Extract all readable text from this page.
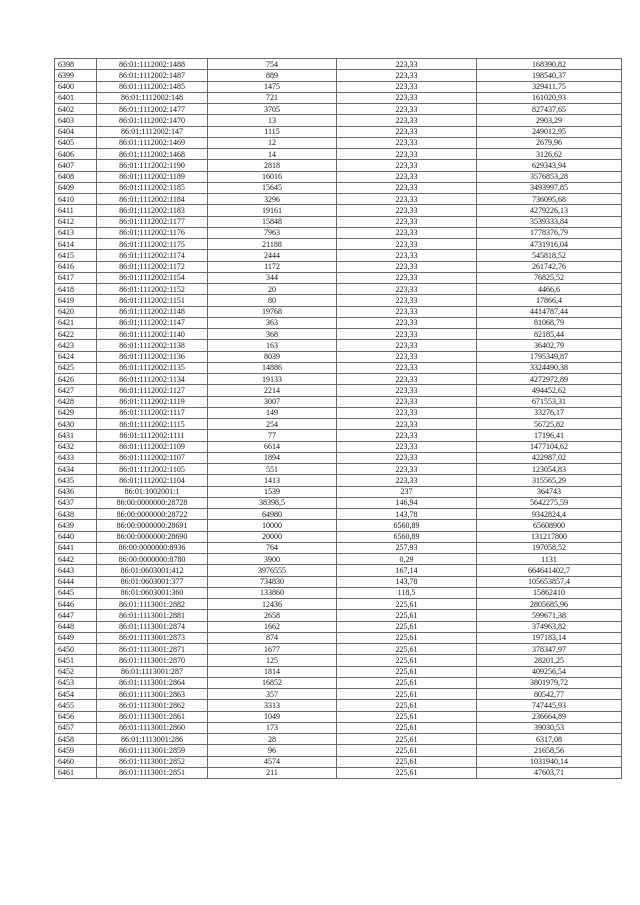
6398	86:01:1112002:1488	754	223,33	168390,82
6399	86:01:1112002:1487	889	223,33	198540,37
6400	86:01:1112002:1485	1475	223,33	329411,75
6401	86:01:1112002:148	721	223,33	161020,93
6402	86:01:1112002:1477	3705	223,33	827437,65
6403	86:01:1112002:1470	13	223,33	2903,29
6404	86:01:1112002:147	1115	223,33	249012,95
6405	86:01:1112002:1469	12	223,33	2679,96
6406	86:01:1112002:1468	14	223,33	3126,62
6407	86:01:1112002:1190	2818	223,33	629343,94
6408	86:01:1112002:1189	16016	223,33	3576853,28
6409	86:01:1112002:1185	15645	223,33	3493997,85
6410	86:01:1112002:1184	3296	223,33	736095,68
6411	86:01:1112002:1183	19161	223,33	4279226,13
6412	86:01:1112002:1177	15848	223,33	3539333,84
6413	86:01:1112002:1176	7963	223,33	1778376,79
6414	86:01:1112002:1175	21188	223,33	4731916,04
6415	86:01:1112002:1174	2444	223,33	545818,52
6416	86:01:1112002:1172	1172	223,33	261742,76
6417	86:01:1112002:1154	344	223,33	76825,52
6418	86:01:1112002:1152	20	223,33	4466,6
6419	86:01:1112002:1151	80	223,33	17866,4
6420	86:01:1112002:1148	19768	223,33	4414787,44
6421	86:01:1112002:1147	363	223,33	81068,79
6422	86:01:1112002:1140	368	223,33	82185,44
6423	86:01:1112002:1138	163	223,33	36402,79
6424	86:01:1112002:1136	8039	223,33	1795349,87
6425	86:01:1112002:1135	14886	223,33	3324490,38
6426	86:01:1112002:1134	19133	223,33	4272972,89
6427	86:01:1112002:1127	2214	223,33	494452,62
6428	86:01:1112002:1119	3007	223,33	671553,31
6429	86:01:1112002:1117	149	223,33	33276,17
6430	86:01:1112002:1115	254	223,33	56725,82
6431	86:01:1112002:1111	77	223,33	17196,41
6432	86:01:1112002:1109	6614	223,33	1477104,62
6433	86:01:1112002:1107	1894	223,33	422987,02
6434	86:01:1112002:1105	551	223,33	123054,83
6435	86:01:1112002:1104	1413	223,33	315565,29
6436	86:01:1002001:1	1539	237	364743
6437	86:00:0000000:28728	38398,5	146,94	5642275,59
6438	86:00:0000000:28722	64980	143,78	9342824,4
6439	86:00:0000000:28691	10000	6560,89	65608900
6440	86:00:0000000:28690	20000	6560,89	131217800
6441	86:00:0000000:8936	764	257,93	197058,52
6442	86:00:0000000:8780	3900	0,29	1131
6443	86:01:0603001:412	3976555	167,14	664641402,7
6444	86:01:0603001:377	734830	143,78	105653857,4
6445	86:01:0603001:360	133860	118,5	15862410
6446	86:01:1113001:2882	12436	225,61	2805685,96
6447	86:01:1113001:2881	2658	225,61	599671,38
6448	86:01:1113001:2874	1662	225,61	374963,82
6449	86:01:1113001:2873	874	225,61	197183,14
6450	86:01:1113001:2871	1677	225,61	378347,97
6451	86:01:1113001:2870	125	225,61	28201,25
6452	86:01:1113001:287	1814	225,61	409256,54
6453	86:01:1113001:2864	16852	225,61	3801979,72
6454	86:01:1113001:2863	357	225,61	80542,77
6455	86:01:1113001:2862	3313	225,61	747445,93
6456	86:01:1113001:2861	1049	225,61	236664,89
6457	86:01:1113001:2860	173	225,61	39030,53
6458	86:01:1113001:286	28	225,61	6317,08
6459	86:01:1113001:2859	96	225,61	21658,56
6460	86:01:1113001:2852	4574	225,61	1031940,14
6461	86:01:1113001:2851	211	225,61	47603,71
